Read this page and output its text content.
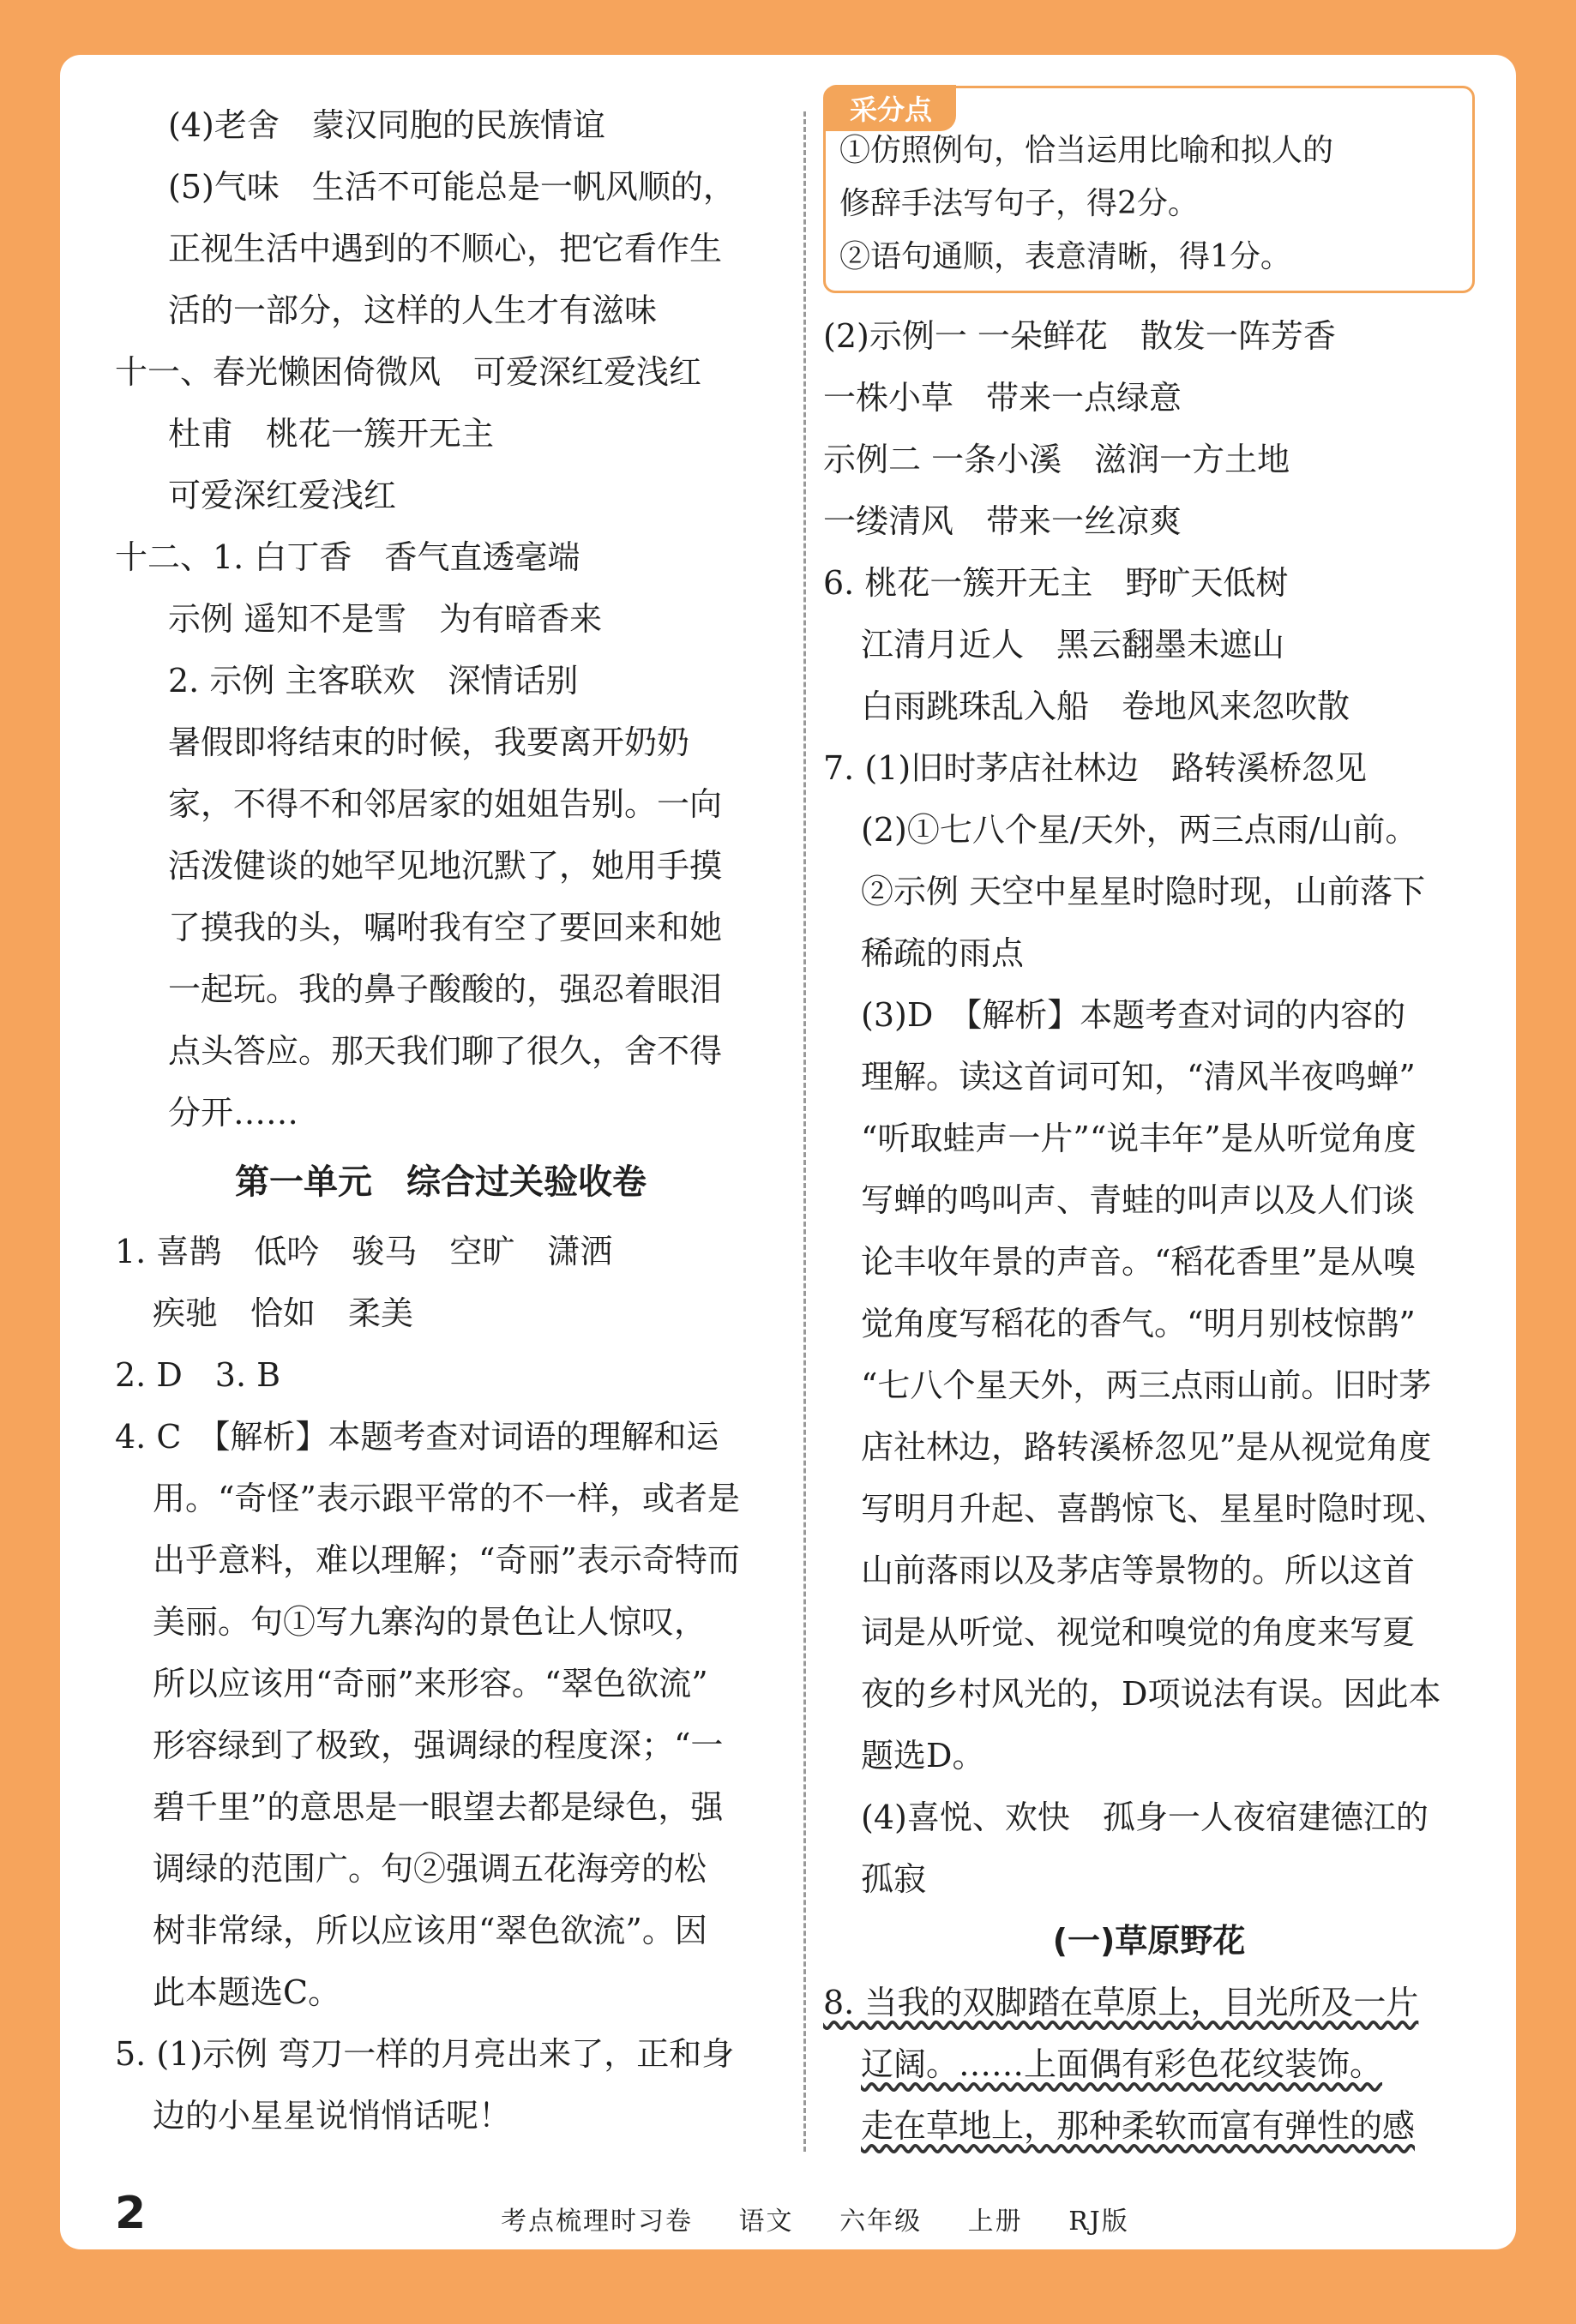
(4)老舍　蒙汉同胞的民族情谊
(5)气味　生活不可能总是一帆风顺的，
正视生活中遇到的不顺心，把它看作生
活的一部分，这样的人生才有滋味
十一、春光懒困倚微风　可爱深红爱浅红
杜甫　桃花一簇开无主
可爱深红爱浅红
十二、1. 白丁香　香气直透毫端
示例 遥知不是雪　为有暗香来
2. 示例 主客联欢　深情话别
暑假即将结束的时候，我要离开奶奶
家，不得不和邻居家的姐姐告别。一向
活泼健谈的她罕见地沉默了，她用手摸
了摸我的头，嘱咐我有空了要回来和她
一起玩。我的鼻子酸酸的，强忍着眼泪
点头答应。那天我们聊了很久，舍不得
分开……
第一单元　综合过关验收卷
1. 喜鹊　低吟　骏马　空旷　潇洒
疾驰　恰如　柔美
2. D　3. B
4. C　【解析】本题考查对词语的理解和运
用。“奇怪”表示跟平常的不一样，或者是
出乎意料，难以理解；“奇丽”表示奇特而
美丽。句①写九寨沟的景色让人惊叹，
所以应该用“奇丽”来形容。“翠色欲流”
形容绿到了极致，强调绿的程度深；“一
碧千里”的意思是一眼望去都是绿色，强
调绿的范围广。句②强调五花海旁的松
树非常绿，所以应该用“翠色欲流”。因
此本题选C。
5. (1)示例 弯刀一样的月亮出来了，正和身
边的小星星说悄悄话呢！
采分点
①仿照例句，恰当运用比喻和拟人的
修辞手法写句子，得2分。
②语句通顺，表意清晰，得1分。
(2)示例一 一朵鲜花　散发一阵芳香
一株小草　带来一点绿意
示例二 一条小溪　滋润一方土地
一缕清风　带来一丝凉爽
6. 桃花一簇开无主　野旷天低树
江清月近人　黑云翻墨未遮山
白雨跳珠乱入船　卷地风来忽吹散
7. (1)旧时茅店社林边　路转溪桥忽见
(2)①七八个星/天外，两三点雨/山前。
②示例 天空中星星时隐时现，山前落下
稀疏的雨点
(3)D　【解析】本题考查对词的内容的
理解。读这首词可知，“清风半夜鸣蝉”
“听取蛙声一片”“说丰年”是从听觉角度
写蝉的鸣叫声、青蛙的叫声以及人们谈
论丰收年景的声音。“稻花香里”是从嗅
觉角度写稻花的香气。“明月别枝惊鹊”
“七八个星天外，两三点雨山前。旧时茅
店社林边，路转溪桥忽见”是从视觉角度
写明月升起、喜鹊惊飞、星星时隐时现、
山前落雨以及茅店等景物的。所以这首
词是从听觉、视觉和嗅觉的角度来写夏
夜的乡村风光的，D项说法有误。因此本
题选D。
(4)喜悦、欢快　孤身一人夜宿建德江的
孤寂
(一)草原野花
8. 当我的双脚踏在草原上，目光所及一片
辽阔。……上面偶有彩色花纹装饰。
走在草地上，那种柔软而富有弹性的感
2	考点梳理时习卷 语文 六年级 上册 RJ版
